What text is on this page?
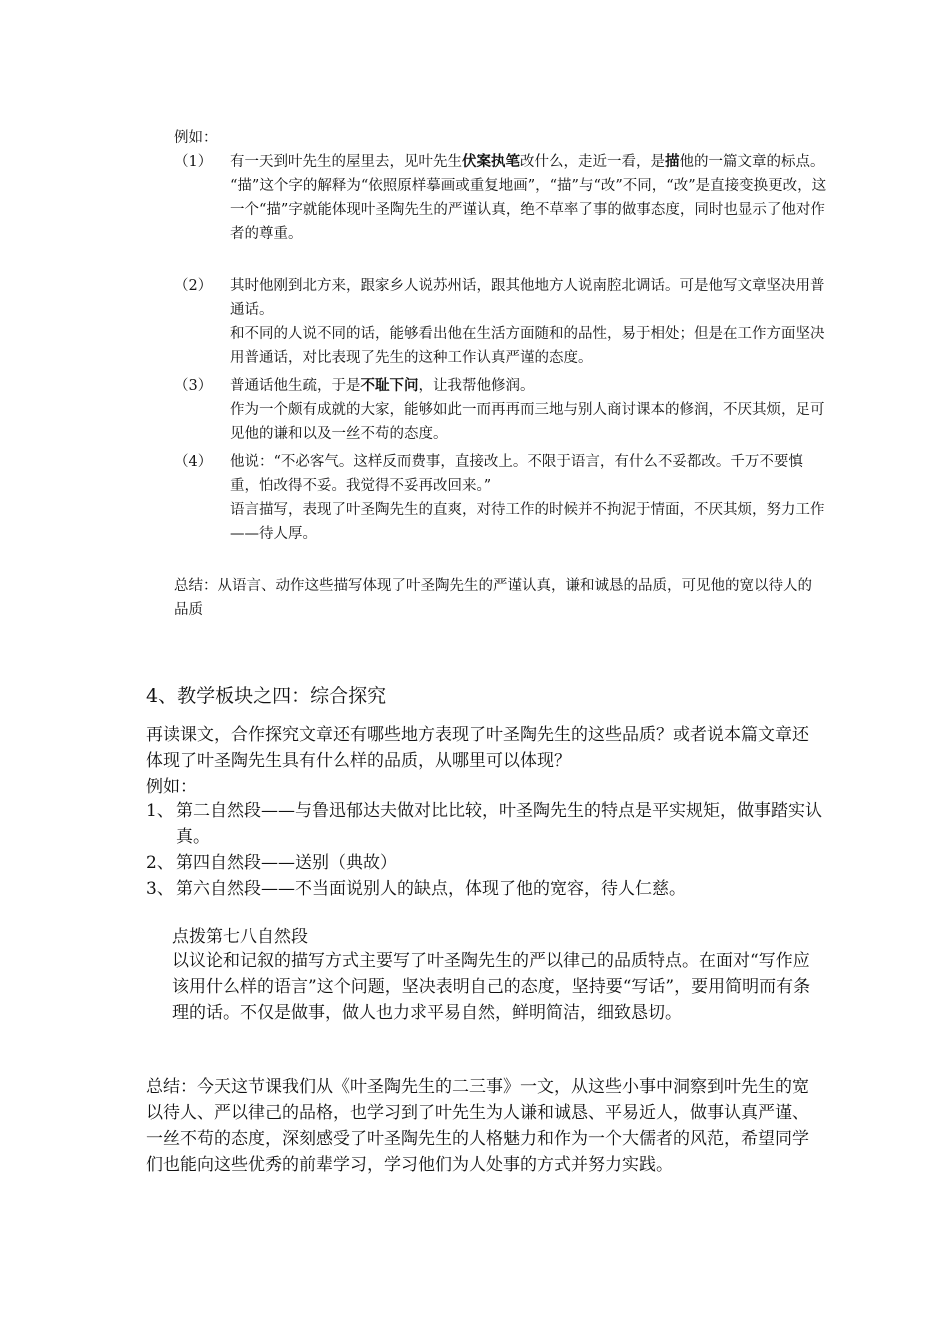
例如：
（1） 有一天到叶先生的屋里去，见叶先生伏案执笔改什么，走近一看，是描他的一篇文章的标点。

“描”这个字的解释为“依照原样摹画或重复地画”，“描”与“改”不同，“改”是直接变换更改，这一个“描”字就能体现叶圣陶先生的严谨认真，绝不草率了事的做事态度，同时也显示了他对作者的尊重。

（2） 其时他刚到北方来，跟家乡人说苏州话，跟其他地方人说南腔北调话。可是他写文章坚决用普通话。

和不同的人说不同的话，能够看出他在生活方面随和的品性，易于相处；但是在工作方面坚决用普通话，对比表现了先生的这种工作认真严谨的态度。

（3） 普通话他生疏，于是不耻下问，让我帮他修润。

作为一个颇有成就的大家，能够如此一而再再而三地与别人商讨课本的修润，不厌其烦，足可见他的谦和以及一丝不苟的态度。

（4） 他说：“不必客气。这样反而费事，直接改上。不限于语言，有什么不妥都改。千万不要慎重，怕改得不妥。我觉得不妥再改回来。”

语言描写，表现了叶圣陶先生的直爽，对待工作的时候并不拘泥于情面，不厌其烦，努力工作——待人厚。

总结：从语言、动作这些描写体现了叶圣陶先生的严谨认真，谦和诚恳的品质，可见他的宽以待人的品质

4、教学板块之四：综合探究

再读课文，合作探究文章还有哪些地方表现了叶圣陶先生的这些品质？或者说本篇文章还体现了叶圣陶先生具有什么样的品质，从哪里可以体现？

例如：

1、 第二自然段——与鲁迅郁达夫做对比比较，叶圣陶先生的特点是平实规矩，做事踏实认真。
2、 第四自然段——送别（典故）
3、 第六自然段——不当面说别人的缺点，体现了他的宽容，待人仁慈。

点拨第七八自然段

以议论和记叙的描写方式主要写了叶圣陶先生的严以律己的品质特点。在面对“写作应该用什么样的语言”这个问题，坚决表明自己的态度，坚持要“写话”，要用简明而有条理的话。不仅是做事，做人也力求平易自然，鲜明简洁，细致恳切。

总结：今天这节课我们从《叶圣陶先生的二三事》一文，从这些小事中洞察到叶先生的宽以待人、严以律己的品格，也学习到了叶先生为人谦和诚恳、平易近人，做事认真严谨、一丝不苟的态度，深刻感受了叶圣陶先生的人格魅力和作为一个大儒者的风范，希望同学们也能向这些优秀的前辈学习，学习他们为人处事的方式并努力实践。
